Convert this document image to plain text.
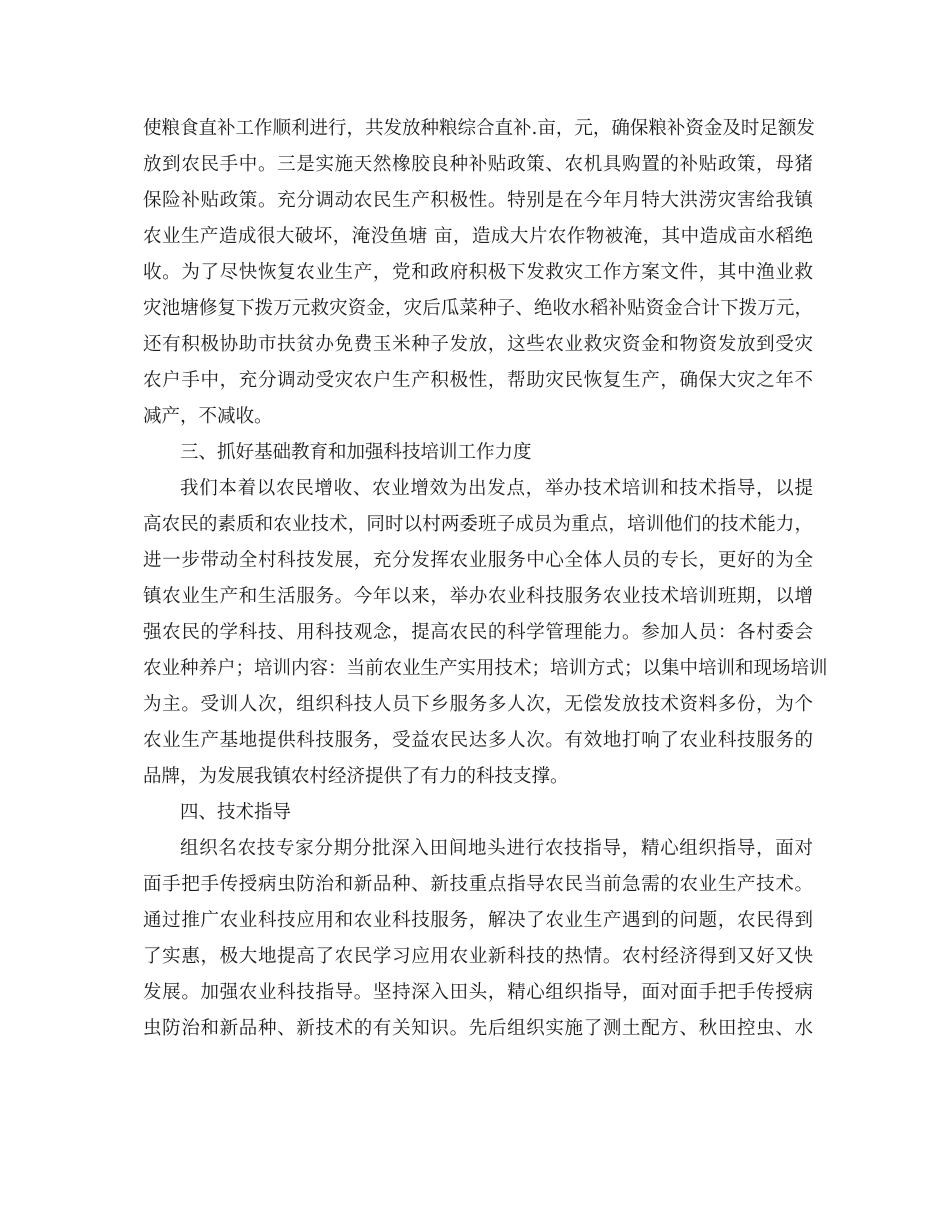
使粮食直补工作顺利进行，共发放种粮综合直补.亩，元，确保粮补资金及时足额发

放到农民手中。三是实施天然橡胶良种补贴政策、农机具购置的补贴政策，母猪

保险补贴政策。充分调动农民生产积极性。特别是在今年月特大洪涝灾害给我镇

农业生产造成很大破坏，淹没鱼塘 亩，造成大片农作物被淹，其中造成亩水稻绝

收。为了尽快恢复农业生产，党和政府积极下发救灾工作方案文件，其中渔业救

灾池塘修复下拨万元救灾资金，灾后瓜菜种子、绝收水稻补贴资金合计下拨万元，

还有积极协助市扶贫办免费玉米种子发放，这些农业救灾资金和物资发放到受灾

农户手中，充分调动受灾农户生产积极性，帮助灾民恢复生产，确保大灾之年不

减产，不减收。

三、抓好基础教育和加强科技培训工作力度

我们本着以农民增收、农业增效为出发点，举办技术培训和技术指导，以提

高农民的素质和农业技术，同时以村两委班子成员为重点，培训他们的技术能力，

进一步带动全村科技发展，充分发挥农业服务中心全体人员的专长，更好的为全

镇农业生产和生活服务。今年以来，举办农业科技服务农业技术培训班期，以增

强农民的学科技、用科技观念，提高农民的科学管理能力。参加人员：各村委会

农业种养户；培训内容：当前农业生产实用技术；培训方式；以集中培训和现场培训

为主。受训人次，组织科技人员下乡服务多人次，无偿发放技术资料多份，为个

农业生产基地提供科技服务，受益农民达多人次。有效地打响了农业科技服务的

品牌，为发展我镇农村经济提供了有力的科技支撑。

四、技术指导

组织名农技专家分期分批深入田间地头进行农技指导，精心组织指导，面对

面手把手传授病虫防治和新品种、新技重点指导农民当前急需的农业生产技术。

通过推广农业科技应用和农业科技服务，解决了农业生产遇到的问题，农民得到

了实惠，极大地提高了农民学习应用农业新科技的热情。农村经济得到又好又快

发展。加强农业科技指导。坚持深入田头，精心组织指导，面对面手把手传授病

虫防治和新品种、新技术的有关知识。先后组织实施了测土配方、秋田控虫、水
